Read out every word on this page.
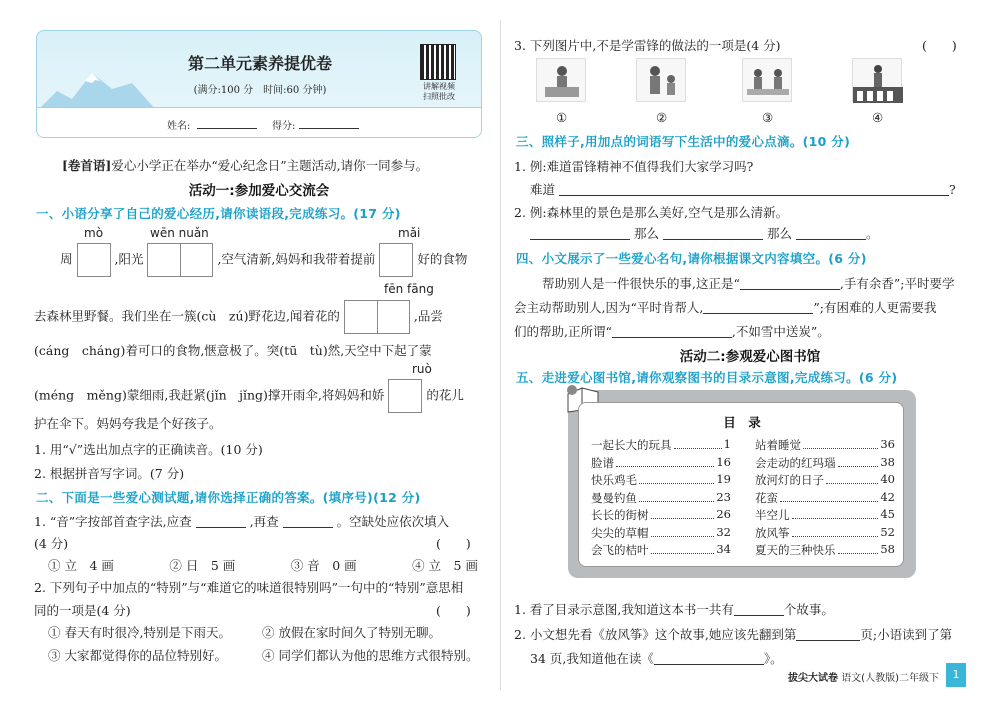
第二单元素养提优卷
(满分:100 分　时间:60 分钟)	讲解视频
扫照批改
姓名:	得分:
[卷首语]爱心小学正在举办“爱心纪念日”主题活动,请你一同参与。
活动一:参加爱心交流会
一、小语分享了自己的爱心经历,请你读语段,完成练习。(17 分)
mò	wēn nuǎn	mǎi
周	,阳光	,空气清新,妈妈和我带着提前	好的食物
fēn fāng
去森林里野餐。我们坐在一簇(cù　zú)野花边,闻着花的	,品尝
(cáng　cháng)着可口的食物,惬意极了。突(tū　tù)然,天空中下起了蒙
ruò
(méng　měng)蒙细雨,我赶紧(jǐn　jǐng)撑开雨伞,将妈妈和娇	的花儿
护在伞下。妈妈夸我是个好孩子。
1. 用“√”选出加点字的正确读音。(10 分)
2. 根据拼音写字词。(7 分)
二、下面是一些爱心测试题,请你选择正确的答案。(填序号)(12 分)
1. “音”字按部首查字法,应查	,再查	。空缺处应依次填入
(4 分)	(　　)
① 立　4 画	② 日　5 画	③ 音　0 画	④ 立　5 画
2. 下列句子中加点的“特别”与“难道它的味道很特别吗”一句中的“特别”意思相
同的一项是(4 分)	(　　)
① 春天有时很冷,特别是下雨天。 ② 放假在家时间久了特别无聊。
③ 大家都觉得你的品位特别好。	④ 同学们都认为他的思维方式很特别。
3. 下列图片中,不是学雷锋的做法的一项是(4 分)	(　　)
①	②	③	④
三、照样子,用加点的词语写下生活中的爱心点滴。(10 分)
1. 例:难道雷锋精神不值得我们大家学习吗?
难道	?
2. 例:森林里的景色是那么美好,空气是那么清新。
那么	那么	。
四、小文展示了一些爱心名句,请你根据课文内容填空。(6 分)
帮助别人是一件很快乐的事,这正是“	,手有余香”;平时要学
会主动帮助别人,因为“平时肯帮人,	”;有困难的人更需要我
们的帮助,正所谓“	,不如雪中送炭”。
活动二:参观爱心图书馆
五、走进爱心图书馆,请你观察图书的目录示意图,完成练习。(6 分)
目　录
一起长大的玩具	1
脸谱	16
快乐鸡毛	19
曼曼钓鱼	23
长长的街树	26
尖尖的草帽	32
会飞的桔叶	34
站着睡觉	36
会走动的红玛瑙	38
放河灯的日子	40
花蛮	42
半空儿	45
放风筝	52
夏天的三种快乐	58
1. 看了目录示意图,我知道这本书一共有	个故事。
2. 小文想先看《放风筝》这个故事,她应该先翻到第	页;小语读到了第
34 页,我知道他在读《	》。
拔尖大试卷 语文(人教版)二年级下	1
